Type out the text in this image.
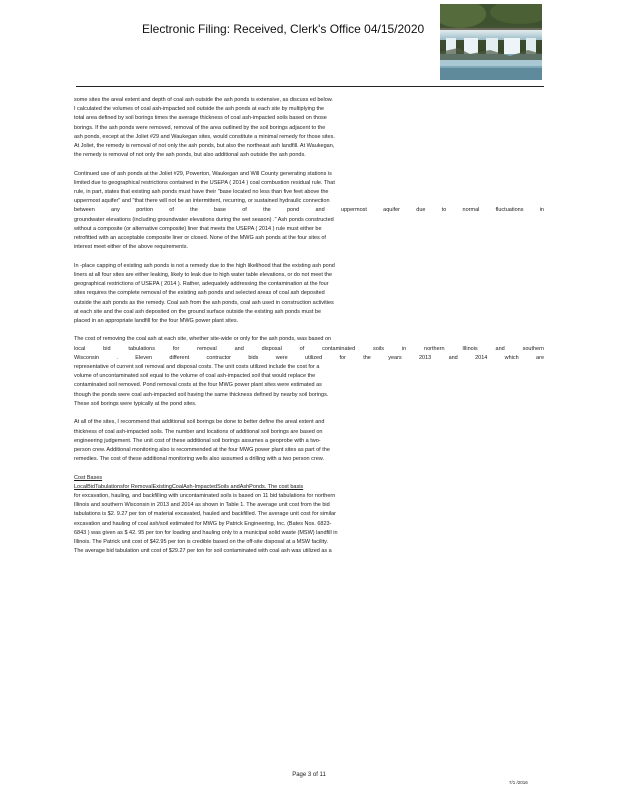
Electronic Filing: Received, Clerk's Office 04/15/2020
some sites the areal extent and depth of coal ash outside the ash ponds is extensive, as discuss ed below.
I calculated the volumes of coal ash-impacted soil outside the ash ponds at each site by multiplying the
total area defined by soil borings times the average thickness of coal ash-impacted soils based on those
borings. If the ash ponds were removed, removal of the area outlined by the soil borings adjacent to the
ash ponds, except at the Joliet #29 and Waukegan sites, would constitute a minimal remedy for those sites.
At Joliet, the remedy is removal of not only the ash ponds, but also the northeast ash landfill. At Waukegan,
the remedy is removal of not only the ash ponds, but also additional ash outside the ash ponds.
Continued use of ash ponds at the Joliet #29, Powerton, Waukegan and Will County generating stations is
limited due to geographical restrictions contained in the USEPA ( 2014 ) coal combustion residual rule. That
rule, in part, states that existing ash ponds must have their "base located no less than five feet above the
uppermost aquifer" and "that there will not be an intermittent, recurring, or sustained hydraulic connection
between any portion of the base of the pond and uppermost aquifer due to normal fluctuations in
groundwater elevations (including groundwater elevations during the wet season) ." Ash ponds constructed
without a composite (or alternative composite) liner that meets the USEPA ( 2014 ) rule must either be
retrofitted with an acceptable composite liner or closed. None of the MWG ash ponds at the four sites of
interest meet either of the above requirements.
In -place capping of existing ash ponds is not a remedy due to the high likelihood that the existing ash pond
liners at all four sites are either leaking, likely to leak due to high water table elevations, or do not meet the
geographical restrictions of USEPA ( 2014 ). Rather, adequately addressing the contamination at the four
sites requires the complete removal of the existing ash ponds and selected areas of coal ash deposited
outside the ash ponds as the remedy. Coal ash from the ash ponds, coal ash used in construction activities
at each site and the coal ash deposited on the ground surface outside the existing ash ponds must be
placed in an appropriate landfill for the four MWG power plant sites.
The cost of removing the coal ash at each site, whether site-wide or only for the ash ponds, was based on
local bid tabulations for removal and disposal of contaminated soils in northern Illinois and southern
Wisconsin . Eleven different contractor bids were utilized for the years 2013 and 2014 which are
representative of current soil removal and disposal costs. The unit costs utilized include the cost for a
volume of uncontaminated soil equal to the volume of coal ash-impacted soil that would replace the
contaminated soil removed. Pond removal costs at the four MWG power plant sites were estimated as
though the ponds were coal ash-impacted soil having the same thickness defined by nearby soil borings.
These soil borings were typically at the pond sites.
At all of the sites, I recommend that additional soil borings be done to better define the areal extent and
thickness of coal ash-impacted soils. The number and locations of additional soil borings are based on
engineering judgement. The unit cost of these additional soil borings assumes a geoprobe with a two-
person crew. Additional monitoring also is recommended at the four MWG power plant sites as part of the
remedies. The cost of these additional monitoring wells also assumed a drilling with a two person crew.
Cost Bases
LocalBidTabulationsfor RemovalExistingCoalAsh-ImpactedSoils andAshPonds. The cost basis
for excavation, hauling, and backfilling with uncontaminated soils is based on 11 bid tabulations for northern
Illinois and southern Wisconsin in 2013 and 2014 as shown in Table 1. The average unit cost from the bid
tabulations is $2. 9.27 per ton of material excavated, hauled and backfilled. The average unit cost for similar
excavation and hauling of coal ash/soil estimated for MWG by Patrick Engineering, Inc. (Bates Nos. 6823-
6843 ) was given as $ 42. 95 per ton for loading and hauling only to a municipal solid waste (MSW) landfill in
Illinois. The Patrick unit cost of $42.95 per ton is credible based on the off-site disposal at a MSW facility.
The average bid tabulation unit cost of $29.27 per ton for soil contaminated with coal ash was utilized as a
Page 3 of 11
7/1 /2016
